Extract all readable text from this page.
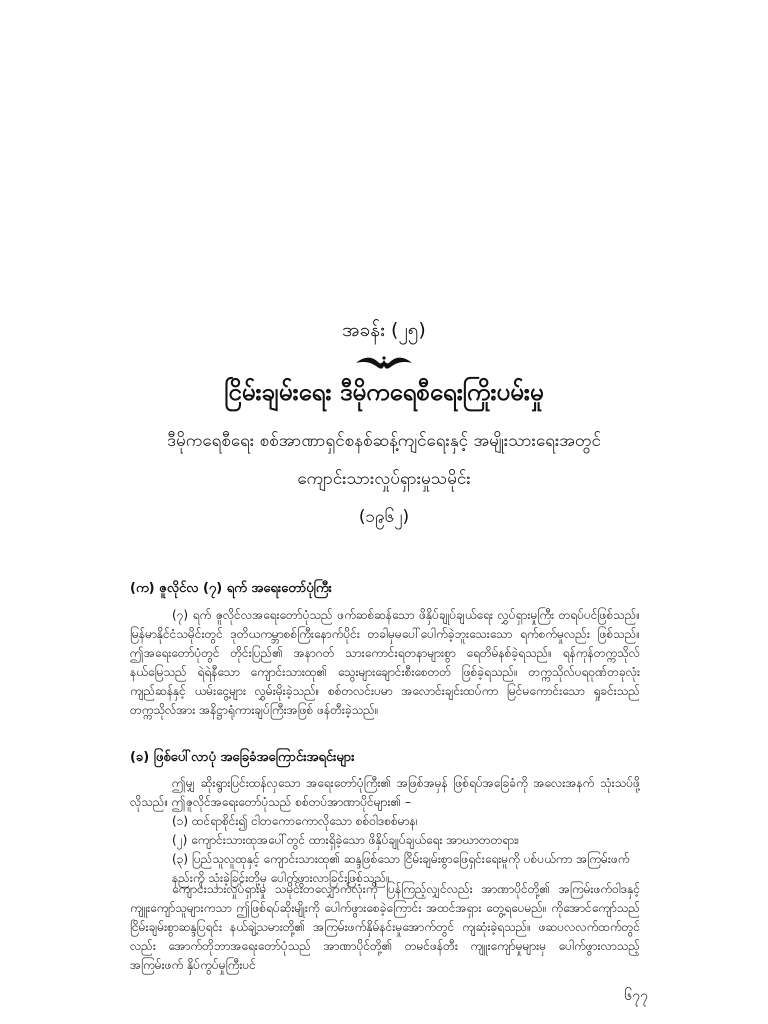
အခန်း (၂၅)
ငြိမ်းချမ်းရေး ဒီမိုကရေစီရေးကြိုးပမ်းမှု
ဒီမိုကရေစီရေး စစ်အာဏာရှင်စနစ်ဆန့်ကျင်ရေးနှင့် အမျိုးသားရေးအတွင်
ကျောင်းသားလှုပ်ရှားမှုသမိုင်း
(၁၉၆၂)
(က) ဇူလိုင်လ (၇) ရက် အရေးတော်ပုံကြီး
(၇) ရက် ဇူလိုင်လအရေးတော်ပုံသည် ဖက်ဆစ်ဆန်သော ဖိနှိပ်ချုပ်ချယ်ရေး လွှပ်ရှားမှုကြီး တရပ်ပင်ဖြစ်သည်။ မြန်မာနိုင်ငံသမိုင်းတွင် ဒုတိယကမ္ဘာစစ်ကြီးနောက်ပိုင်း တခါမှမပေါ်ပေါက်ခဲ့ဘူးသေးသော ရက်စက်မှုလည်း ဖြစ်သည်။ ဤအရေးတော်ပုံတွင် တိုင်းပြည်၏ အနာဂတ် သားကောင်းရတနာများစွာ ရေတိမ်နစ်ခဲ့ရသည်။ ရန်ကုန်တက္ကသိုလ် နယ်မြေသည် ရဲရဲနီသော ကျောင်းသားထု၏ သွေးများချောင်းစီးစေတတ် ဖြစ်ခဲ့ရသည်။ တက္ကသိုလ်ပရဝုဏ်တခုလုံး ကျည်ဆန်နှင့် ယမ်းငွေ့များ လွှမ်းမိုးခဲ့သည်။ စစ်တလင်းပမာ အလောင်းချင်းထပ်ကာ မြင်မကောင်းသော ရှုခင်းသည် တက္ကသိုလ်အား အနိဋ္ဌာရုံကားချပ်ကြီးအဖြစ် ဖန်တီးခဲ့သည်။
(ခ) ဖြစ်ပေါ်လာပုံ အခြေခံအကြောင်းအရင်းများ
ဤမျှ ဆိုးရွားပြင်းထန်လှသော အရေးတော်ပုံကြီး၏ အဖြစ်အမှန် ဖြစ်ရပ်အခြေခံကို အလေးအနက် သုံးသပ်ဖို့ လိုသည်။ ဤဇူလိုင်အရေးတော်ပုံသည် စစ်တပ်အာဏာပိုင်များ၏ –
(၁) ထင်ရာစိုင်း၍ ငါတကောကောလိုသော စစ်ဝါဒစစ်မာန၊
(၂) ကျောင်းသားထုအပေါ်တွင် ထားရှိခဲ့သော ဖိနှိပ်ချုပ်ချယ်ရေး အာဃာတတရား၊
(၃) ပြည်သူလူထုနှင့် ကျောင်းသားထု၏ ဆန္ဒဖြစ်သော ငြိမ်းချမ်းစွာဖြေရှင်းရေးမူကို ပစ်ပယ်ကာ အကြမ်းဖက်နည်းကို သုံးခဲ့ခြင်းတို့မှ ပေါက်ဖွားလာခြင်းဖြစ်သည်။
ကျောင်းသားလှုပ်ရှားမှု သမိုင်းတလျှောက်လုံးကို ပြန်ကြည့်လျှင်လည်း အာဏာပိုင်တို့၏ အကြမ်းဖက်ဝါဒနှင့် ကျူးကျော်သူများကသာ ဤဖြစ်ရပ်ဆိုးမျိုးကို ပေါက်ဖွားစေခဲ့ကြောင်း အထင်အရှား တွေ့ရပေမည်။ ကိုအောင်ကျော်သည် ငြိမ်းချမ်းစွာဆန္ဒပြရင်း နယ်ချဲ့သမားတို့၏ အကြမ်းဖက်နှိမ်နင်းမှုအောက်တွင် ကျဆုံးခဲ့ရသည်။ ဖဆပလလက်ထက်တွင်လည်း အောက်တိုဘာအရေးတော်ပုံသည် အာဏာပိုင်တို့၏ တမင်ဖန်တီး ကျူးကျော်မှုများမှ ပေါက်ဖွားလာသည့် အကြမ်းဖက် နှိပ်ကွပ်မှုကြီးပင်
၆၇၇
